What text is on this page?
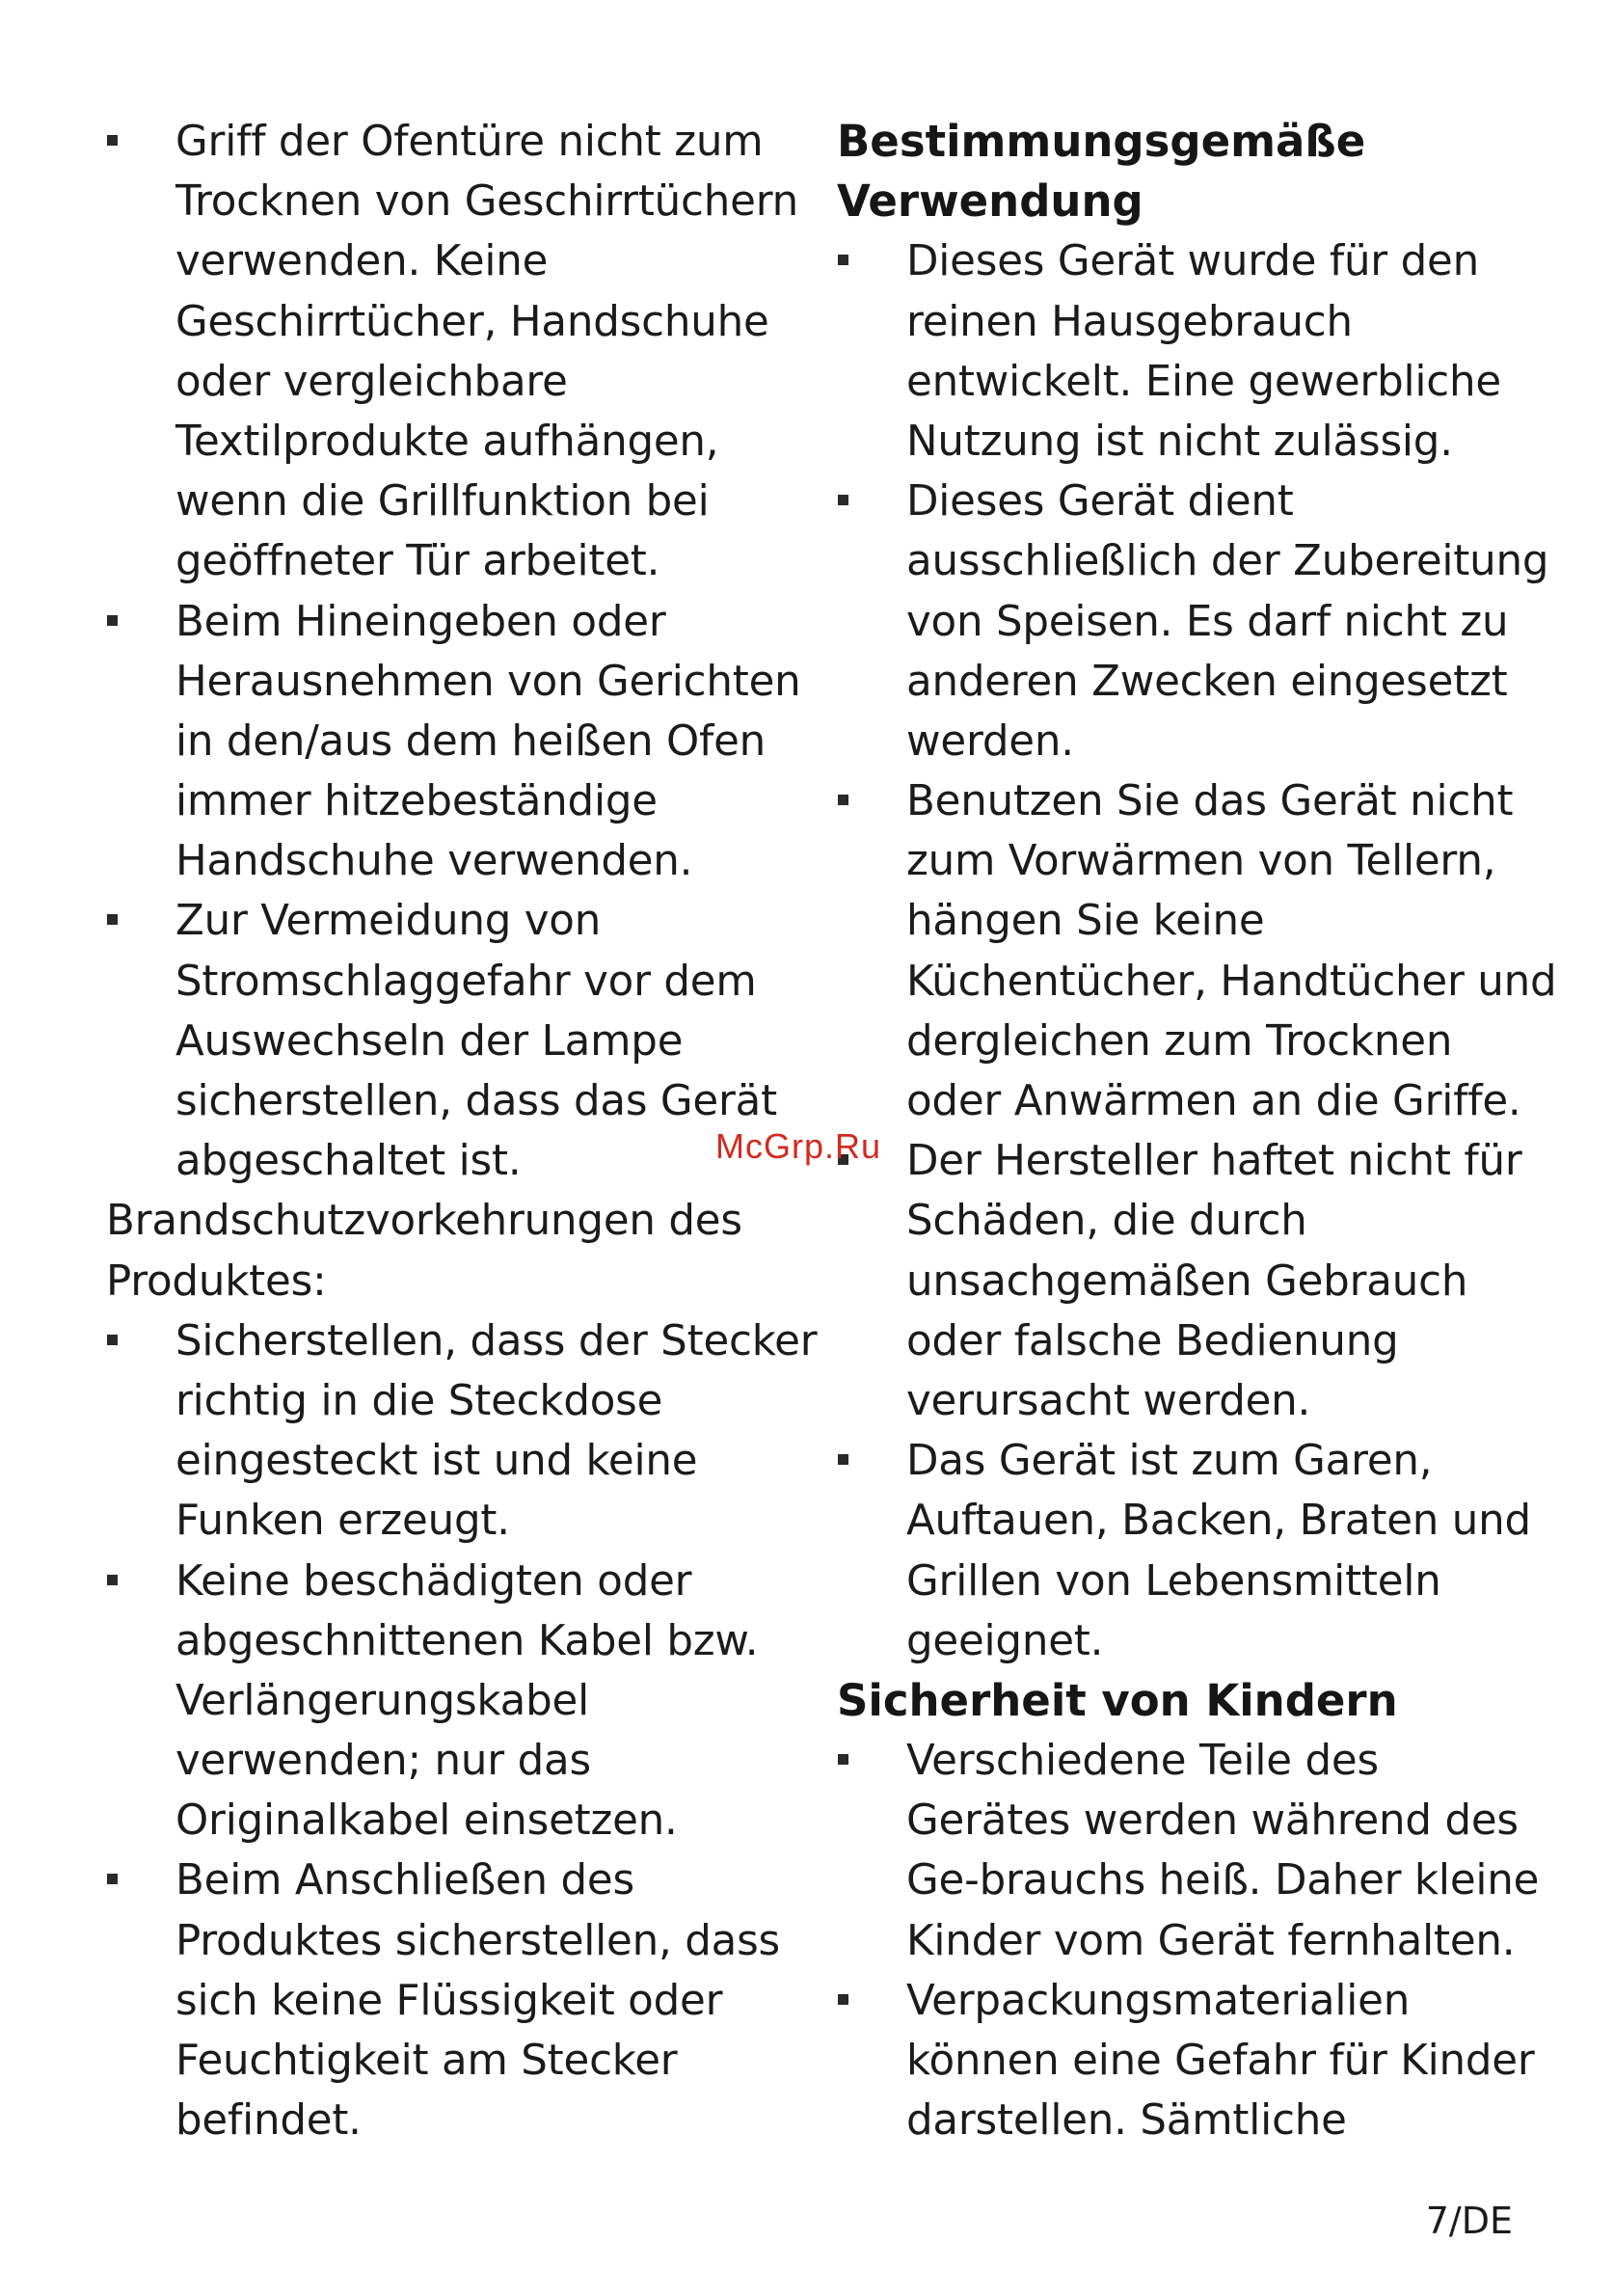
Griff der Ofentüre nicht zum
Trocknen von Geschirrtüchern
verwenden. Keine
Geschirrtücher, Handschuhe
oder vergleichbare
Textilprodukte aufhängen,
wenn die Grillfunktion bei
geöffneter Tür arbeitet.
Beim Hineingeben oder
Herausnehmen von Gerichten
in den/aus dem heißen Ofen
immer hitzebeständige
Handschuhe verwenden.
Zur Vermeidung von
Stromschlaggefahr vor dem
Auswechseln der Lampe
sicherstellen, dass das Gerät
abgeschaltet ist.
Brandschutzvorkehrungen des
Produktes:
Sicherstellen, dass der Stecker
richtig in die Steckdose
eingesteckt ist und keine
Funken erzeugt.
Keine beschädigten oder
abgeschnittenen Kabel bzw.
Verlängerungskabel
verwenden; nur das
Originalkabel einsetzen.
Beim Anschließen des
Produktes sicherstellen, dass
sich keine Flüssigkeit oder
Feuchtigkeit am Stecker
befindet.
Bestimmungsgemäße
Verwendung
Dieses Gerät wurde für den
reinen Hausgebrauch
entwickelt. Eine gewerbliche
Nutzung ist nicht zulässig.
Dieses Gerät dient
ausschließlich der Zubereitung
von Speisen. Es darf nicht zu
anderen Zwecken eingesetzt
werden.
Benutzen Sie das Gerät nicht
zum Vorwärmen von Tellern,
hängen Sie keine
Küchentücher, Handtücher und
dergleichen zum Trocknen
oder Anwärmen an die Griffe.
Der Hersteller haftet nicht für
Schäden, die durch
unsachgemäßen Gebrauch
oder falsche Bedienung
verursacht werden.
Das Gerät ist zum Garen,
Auftauen, Backen, Braten und
Grillen von Lebensmitteln
geeignet.
Sicherheit von Kindern
Verschiedene Teile des
Gerätes werden während des
Ge-brauchs heiß. Daher kleine
Kinder vom Gerät fernhalten.
Verpackungsmaterialien
können eine Gefahr für Kinder
darstellen. Sämtliche
McGrp.Ru
7/DE
